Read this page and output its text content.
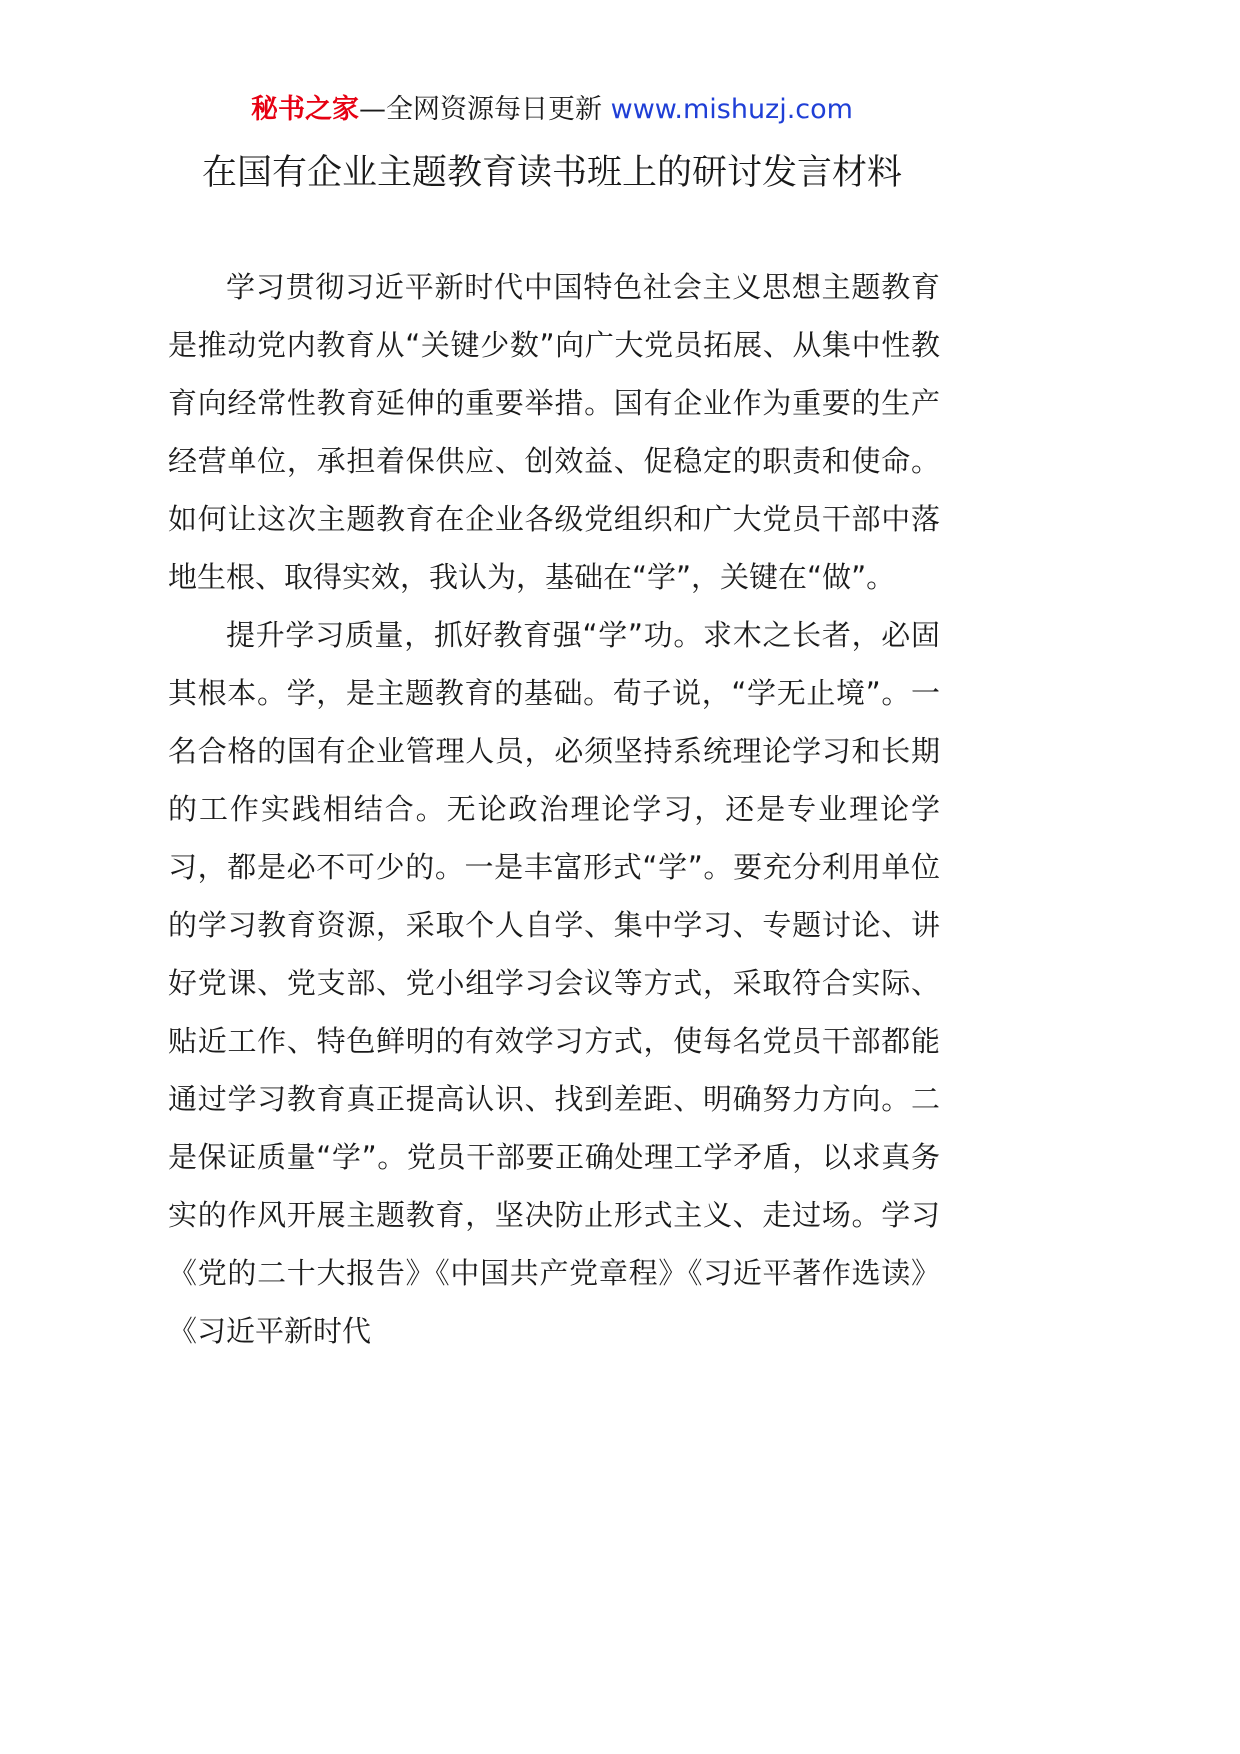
秘书之家—全网资源每日更新 www.mishuzj.com
在国有企业主题教育读书班上的研讨发言材料

学习贯彻习近平新时代中国特色社会主义思想主题教育是推动党内教育从“关键少数”向广大党员拓展、从集中性教育向经常性教育延伸的重要举措。国有企业作为重要的生产经营单位，承担着保供应、创效益、促稳定的职责和使命。如何让这次主题教育在企业各级党组织和广大党员干部中落地生根、取得实效，我认为，基础在“学”，关键在“做”。

提升学习质量，抓好教育强“学”功。求木之长者，必固其根本。学，是主题教育的基础。荀子说，“学无止境”。一名合格的国有企业管理人员，必须坚持系统理论学习和长期的工作实践相结合。无论政治理论学习，还是专业理论学习，都是必不可少的。一是丰富形式“学”。要充分利用单位的学习教育资源，采取个人自学、集中学习、专题讨论、讲好党课、党支部、党小组学习会议等方式，采取符合实际、贴近工作、特色鲜明的有效学习方式，使每名党员干部都能通过学习教育真正提高认识、找到差距、明确努力方向。二是保证质量“学”。党员干部要正确处理工学矛盾，以求真务实的作风开展主题教育，坚决防止形式主义、走过场。学习《党的二十大报告》《中国共产党章程》《习近平著作选读》《习近平新时代
